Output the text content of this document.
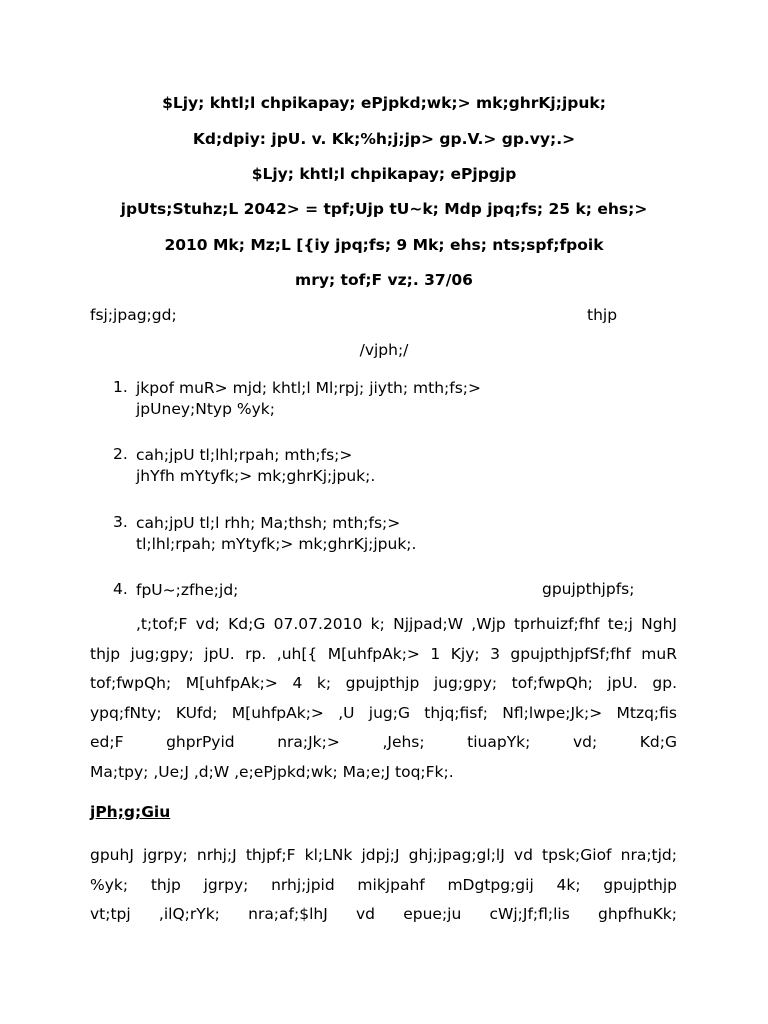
$Ljy; khtl;l chpikapay; ePjpkd;wk;> mk;ghrKj;jpuk;
Kd;dpiy: jpU. v. Kk;%h;j;jp> gp.V.> gp.vy;.>
$Ljy; khtl;l chpikapay; ePjpgjp
jpUts;Stuhz;L 2042> = tpf;Ujp tU~k; Mdp jpq;fs; 25 k; ehs;>
2010 Mk; Mz;L [{iy jpq;fs; 9 Mk; ehs; nts;spf;fpoik
mry; tof;F vz;. 37/06
fsj;jpag;gd;	thjp
/vjph;/
1. jkpof muR> mjd; khtl;l Ml;rpj; jiyth; mth;fs;>
jpUney;Ntyp %yk;
2. cah;jpU tl;lhl;rpah; mth;fs;>
jhYfh mYtyfk;> mk;ghrKj;jpuk;.
3. cah;jpU tl;l rhh; Ma;thsh; mth;fs;>
tl;lhl;rpah; mYtyfk;> mk;ghrKj;jpuk;.
4. fpU~;zfhe;jd;	gpujpthjpfs;
,t;tof;F vd; Kd;G 07.07.2010 k; Njjpad;W ,Wjp tprhuizf;fhf te;j NghJ
thjp jug;gpy; jpU. rp. ,uh[{ M[uhfpAk;> 1 Kjy; 3 gpujpthjpfSf;fhf muR
tof;fwpQh; M[uhfpAk;> 4 k; gpujpthjp jug;gpy; tof;fwpQh; jpU. gp.
ypq;fNty; KUfd; M[uhfpAk;> ,U jug;G thjq;fisf; Nfl;lwpe;Jk;> Mtzq;fis
ed;F ghprPyid nra;Jk;> ,Jehs; tiuapYk; vd; Kd;G
Ma;tpy; ,Ue;J ,d;W ,e;ePjpkd;wk; Ma;e;J toq;Fk;.
jPh;g;Giu
gpuhJ jgrpy; nrhj;J thjpf;F kl;LNk jdpj;J ghj;jpag;gl;lJ vd tpsk;Giof nra;tjd;
%yk; thjp jgrpy; nrhj;jpid mikjpahf mDgtpg;gij 4k; gpujpthjp
vt;tpj ,ilQ;rYk; nra;af;$lhJ vd epue;ju cWj;Jf;fl;lis ghpfhuKk;
